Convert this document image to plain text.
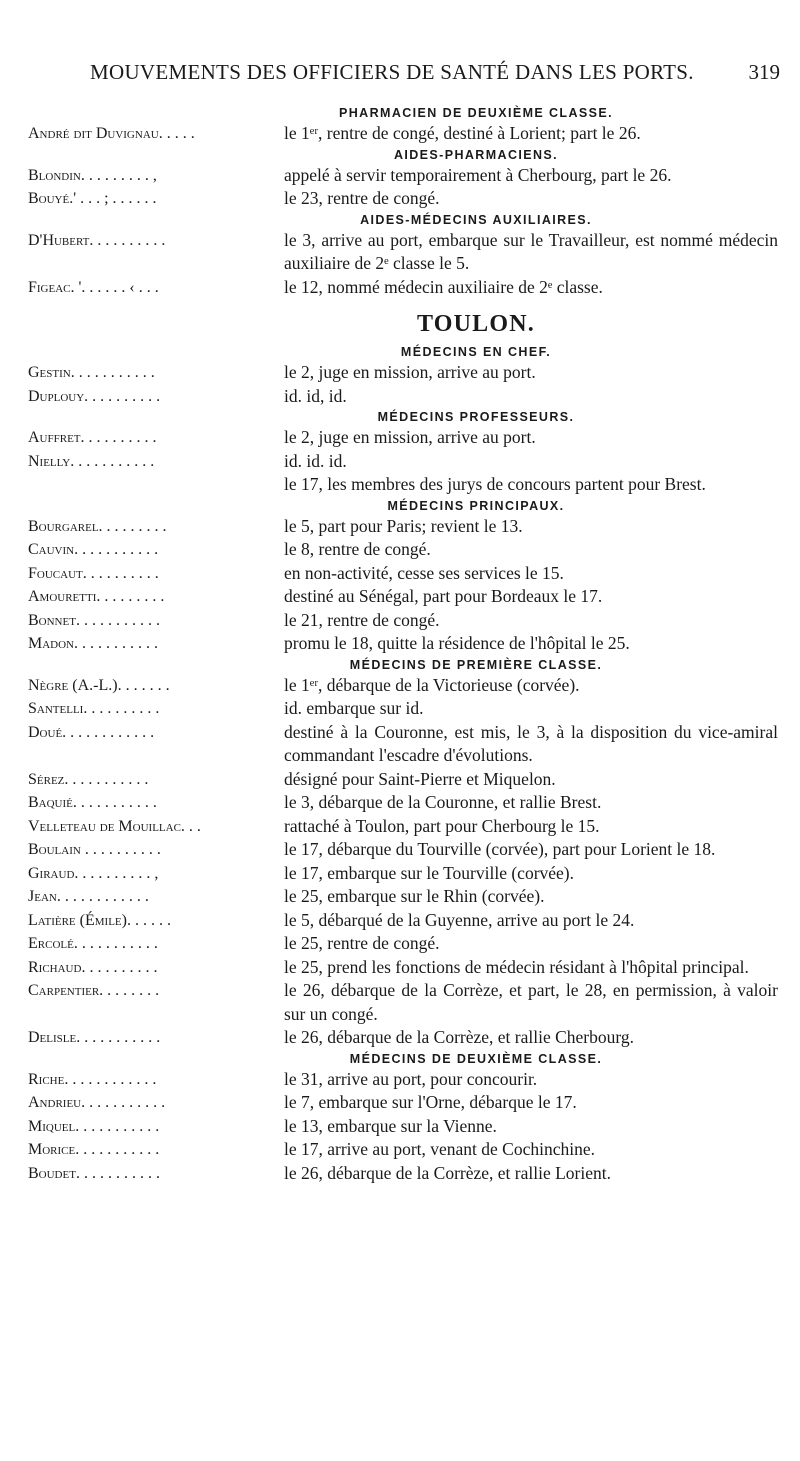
MOUVEMENTS DES OFFICIERS DE SANTÉ DANS LES PORTS.	319
PHARMACIEN DE DEUXIÈME CLASSE.
André dit Duvignau. . . . .	le 1ᵉʳ, rentre de congé, destiné à Lorient; part le 26.
AIDES-PHARMACIENS.
Blondin. . . . . . . . . ,	appelé à servir temporairement à Cherbourg, part le 26.
Bouyé.' . . . ; . . . . . .	le 23, rentre de congé.
AIDES-MÉDECINS AUXILIAIRES.
D'Hubert. . . . . . . . . .	le 3, arrive au port, embarque sur le Travailleur, est nommé médecin auxiliaire de 2ᵉ classe le 5.
Figeac. '. . . . . . ‹ . . .	le 12, nommé médecin auxiliaire de 2ᵉ classe.
TOULON.
MÉDECINS EN CHEF.
Gestin. . . . . . . . . . .	le 2, juge en mission, arrive au port.
Duplouy. . . . . . . . . .	id. id, id.
MÉDECINS PROFESSEURS.
Auffret. . . . . . . . . .	le 2, juge en mission, arrive au port.
Nielly. . . . . . . . . . .	id. id. id.
le 17, les membres des jurys de concours partent pour Brest.
MÉDECINS PRINCIPAUX.
Bourgarel. . . . . . . . .	le 5, part pour Paris; revient le 13.
Cauvin. . . . . . . . . . .	le 8, rentre de congé.
Foucaut. . . . . . . . . .	en non-activité, cesse ses services le 15.
Amouretti. . . . . . . . .	destiné au Sénégal, part pour Bordeaux le 17.
Bonnet. . . . . . . . . . .	le 21, rentre de congé.
Madon. . . . . . . . . . .	promu le 18, quitte la résidence de l'hôpital le 25.
MÉDECINS DE PREMIÈRE CLASSE.
Nègre (A.-L.). . . . . . .	le 1ᵉʳ, débarque de la Victorieuse (corvée).
Santelli. . . . . . . . . .	id. embarque sur id.
Doué. . . . . . . . . . . .	destiné à la Couronne, est mis, le 3, à la disposition du vice-amiral commandant l'escadre d'évolutions.
Sérez. . . . . . . . . . .	désigné pour Saint-Pierre et Miquelon.
Baquié. . . . . . . . . . .	le 3, débarque de la Couronne, et rallie Brest.
Velleteau de Mouillac. . .	rattaché à Toulon, part pour Cherbourg le 15.
Boulain . . . . . . . . . .	le 17, débarque du Tourville (corvée), part pour Lorient le 18.
Giraud. . . . . . . . . . ,	le 17, embarque sur le Tourville (corvée).
Jean. . . . . . . . . . . .	le 25, embarque sur le Rhin (corvée).
Latière (Émile). . . . . .	le 5, débarqué de la Guyenne, arrive au port le 24.
Ercolé. . . . . . . . . . .	le 25, rentre de congé.
Richaud. . . . . . . . . .	le 25, prend les fonctions de médecin résidant à l'hôpital principal.
Carpentier. . . . . . . .	le 26, débarque de la Corrèze, et part, le 28, en permission, à valoir sur un congé.
Delisle. . . . . . . . . . .	le 26, débarque de la Corrèze, et rallie Cherbourg.
MÉDECINS DE DEUXIÈME CLASSE.
Riche. . . . . . . . . . . .	le 31, arrive au port, pour concourir.
Andrieu. . . . . . . . . . .	le 7, embarque sur l'Orne, débarque le 17.
Miquel. . . . . . . . . . .	le 13, embarque sur la Vienne.
Morice. . . . . . . . . . .	le 17, arrive au port, venant de Cochinchine.
Boudet. . . . . . . . . . .	le 26, débarque de la Corrèze, et rallie Lorient.
